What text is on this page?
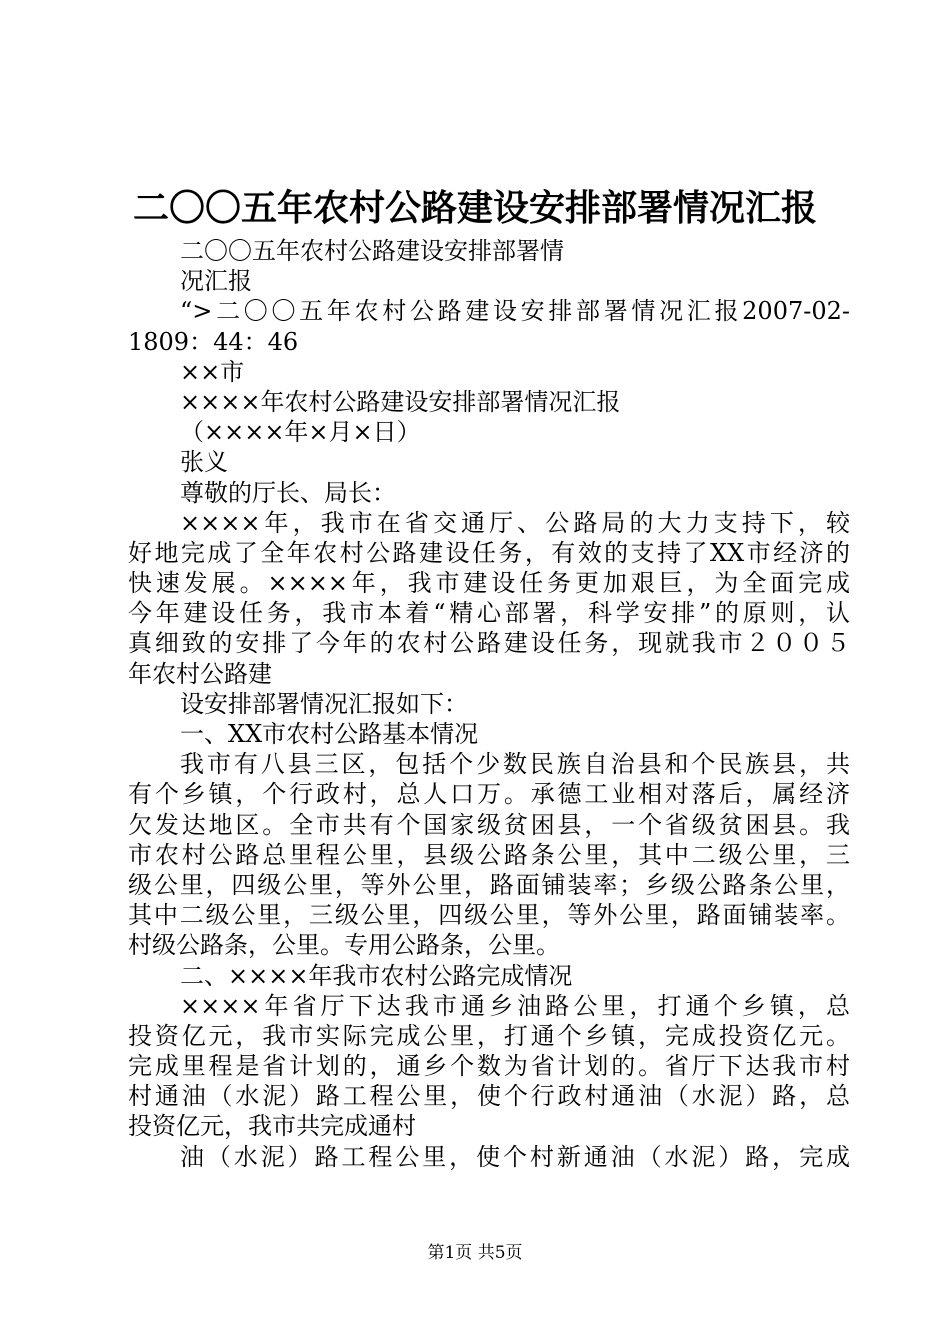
二〇〇五年农村公路建设安排部署情况汇报
二〇〇五年农村公路建设安排部署情
况汇报
“>二〇〇五年农村公路建设安排部署情况汇报2007-02-
1809：44：46
××市
××××年农村公路建设安排部署情况汇报
（××××年×月×日）
张义
尊敬的厅长、局长：
××××年，我市在省交通厅、公路局的大力支持下，较
好地完成了全年农村公路建设任务，有效的支持了XX市经济的
快速发展。××××年，我市建设任务更加艰巨，为全面完成
今年建设任务，我市本着“精心部署，科学安排”的原则，认
真细致的安排了今年的农村公路建设任务，现就我市２００５
年农村公路建
设安排部署情况汇报如下：
一、XX市农村公路基本情况
我市有八县三区，包括个少数民族自治县和个民族县，共
有个乡镇，个行政村，总人口万。承德工业相对落后，属经济
欠发达地区。全市共有个国家级贫困县，一个省级贫困县。我
市农村公路总里程公里，县级公路条公里，其中二级公里，三
级公里，四级公里，等外公里，路面铺装率；乡级公路条公里，
其中二级公里，三级公里，四级公里，等外公里，路面铺装率。
村级公路条，公里。专用公路条，公里。
二、××××年我市农村公路完成情况
××××年省厅下达我市通乡油路公里，打通个乡镇，总
投资亿元，我市实际完成公里，打通个乡镇，完成投资亿元。
完成里程是省计划的，通乡个数为省计划的。省厅下达我市村
村通油（水泥）路工程公里，使个行政村通油（水泥）路，总
投资亿元，我市共完成通村
油（水泥）路工程公里，使个村新通油（水泥）路，完成
第1页 共5页
